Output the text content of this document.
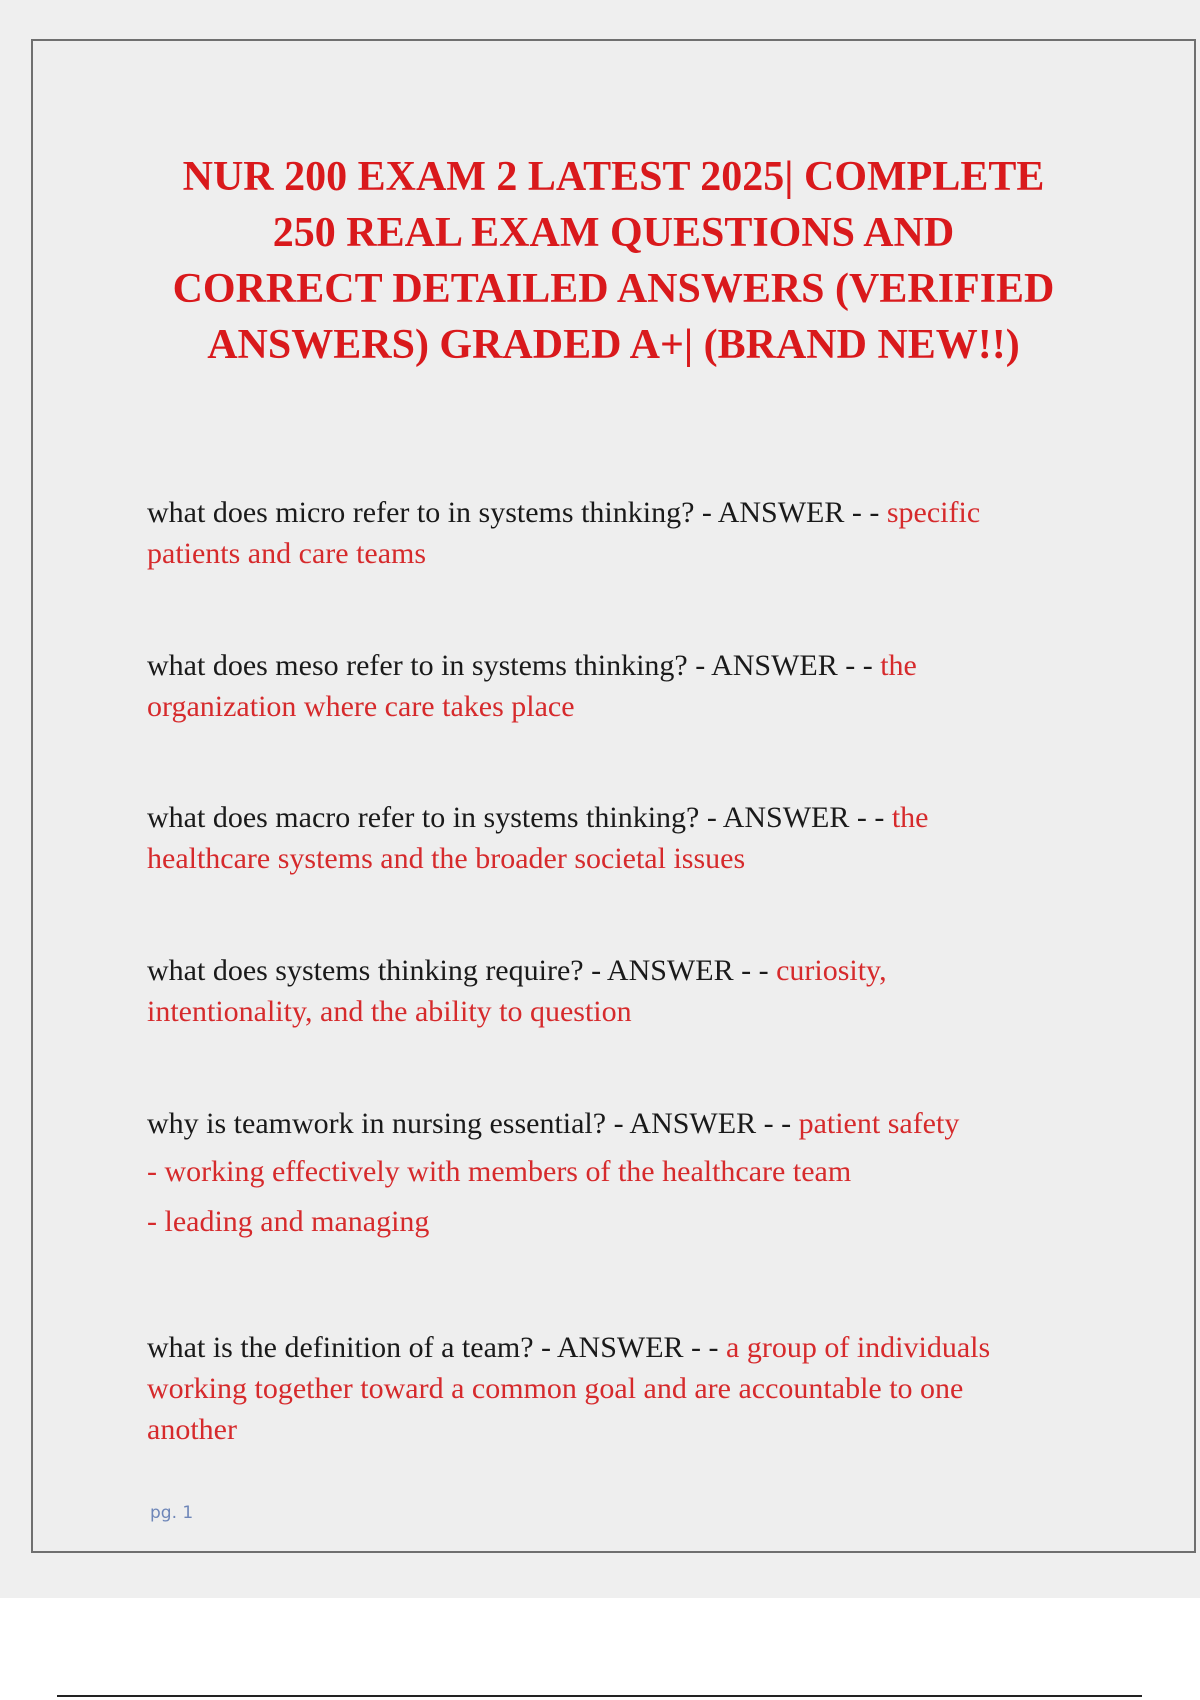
NUR 200 EXAM 2 LATEST 2025| COMPLETE
250 REAL EXAM QUESTIONS AND
CORRECT DETAILED ANSWERS (VERIFIED
ANSWERS) GRADED A+| (BRAND NEW!!)

what does micro refer to in systems thinking? - ANSWER - - specific
patients and care teams

what does meso refer to in systems thinking? - ANSWER - - the
organization where care takes place

what does macro refer to in systems thinking? - ANSWER - - the
healthcare systems and the broader societal issues

what does systems thinking require? - ANSWER - - curiosity,
intentionality, and the ability to question

why is teamwork in nursing essential? - ANSWER - - patient safety
- working effectively with members of the healthcare team
- leading and managing

what is the definition of a team? - ANSWER - - a group of individuals
working together toward a common goal and are accountable to one
another

pg. 1
